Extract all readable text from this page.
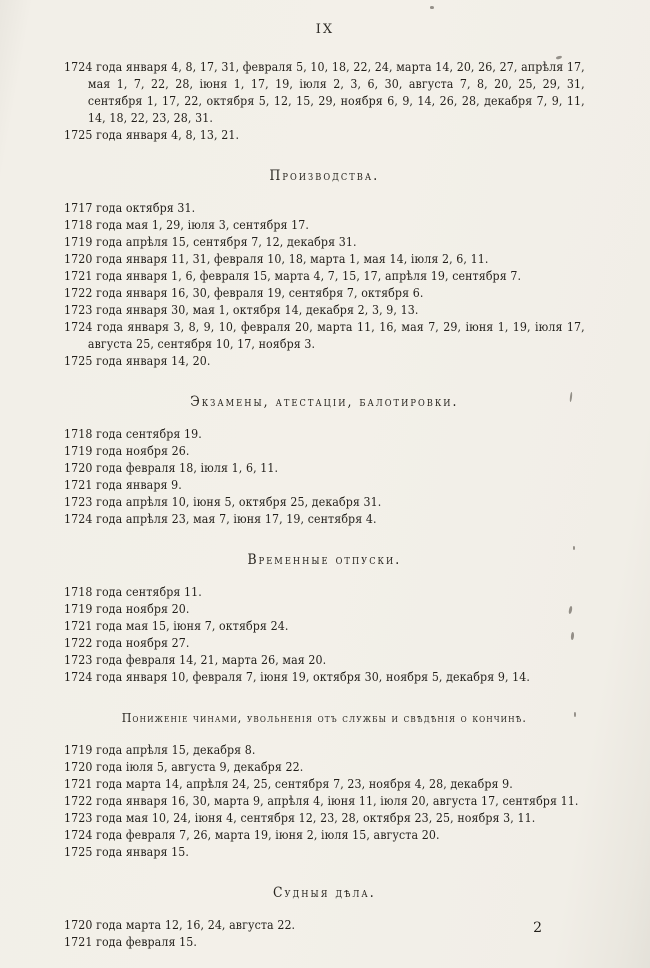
IX

1724 года января 4, 8, 17, 31, февраля 5, 10, 18, 22, 24, марта 14, 20, 26, 27, апрѣля 17, мая 1, 7, 22, 28, іюня 1, 17, 19, іюля 2, 3, 6, 30, августа 7, 8, 20, 25, 29, 31, сентября 1, 17, 22, октября 5, 12, 15, 29, ноября 6, 9, 14, 26, 28, декабря 7, 9, 11, 14, 18, 22, 23, 28, 31.

1725 года января 4, 8, 13, 21.

Производства.

1717 года октября 31.

1718 года мая 1, 29, іюля 3, сентября 17.

1719 года апрѣля 15, сентября 7, 12, декабря 31.

1720 года января 11, 31, февраля 10, 18, марта 1, мая 14, іюля 2, 6, 11.

1721 года января 1, 6, февраля 15, марта 4, 7, 15, 17, апрѣля 19, сентября 7.

1722 года января 16, 30, февраля 19, сентября 7, октября 6.

1723 года января 30, мая 1, октября 14, декабря 2, 3, 9, 13.

1724 года января 3, 8, 9, 10, февраля 20, марта 11, 16, мая 7, 29, іюня 1, 19, іюля 17, августа 25, сентября 10, 17, ноября 3.

1725 года января 14, 20.

Экзамены, атестаціи, балотировки.

1718 года сентября 19.

1719 года ноября 26.

1720 года февраля 18, іюля 1, 6, 11.

1721 года января 9.

1723 года апрѣля 10, іюня 5, октября 25, декабря 31.

1724 года апрѣля 23, мая 7, іюня 17, 19, сентября 4.

Временные отпуски.

1718 года сентября 11.

1719 года ноября 20.

1721 года мая 15, іюня 7, октября 24.

1722 года ноября 27.

1723 года февраля 14, 21, марта 26, мая 20.

1724 года января 10, февраля 7, іюня 19, октября 30, ноября 5, декабря 9, 14.

Пониженіе чинами, увольненія отъ службы и свѣдѣнія о кончинѣ.

1719 года апрѣля 15, декабря 8.

1720 года іюля 5, августа 9, декабря 22.

1721 года марта 14, апрѣля 24, 25, сентября 7, 23, ноября 4, 28, декабря 9.

1722 года января 16, 30, марта 9, апрѣля 4, іюня 11, іюля 20, августа 17, сентября 11.

1723 года мая 10, 24, іюня 4, сентября 12, 23, 28, октября 23, 25, ноября 3, 11.

1724 года февраля 7, 26, марта 19, іюня 2, іюля 15, августа 20.

1725 года января 15.

Судныя дѣла.

1720 года марта 12, 16, 24, августа 22.

1721 года февраля 15.

2
